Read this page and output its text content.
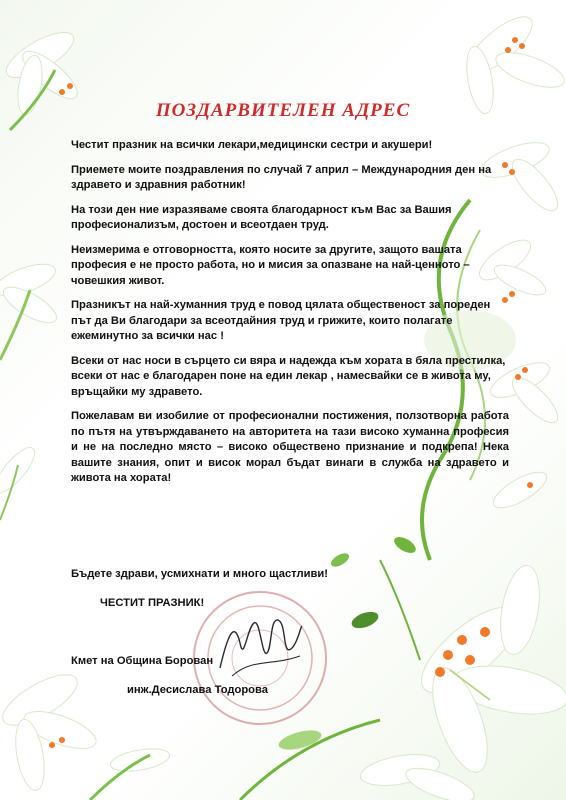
ПОЗДАРВИТЕЛЕН АДРЕС

Честит празник на всички лекари,медицински сестри и акушери!

Приемете моите поздравления по случай 7 април – Международния ден на здравето и здравния работник!

На този ден ние изразяваме своята благодарност към Вас за Вашия професионализъм, достоен и всеотдаен труд.

Неизмерима е отговорността, която носите за другите, защото вашата професия е не просто работа, но и мисия за опазване на най-ценното – човешкия живот.

Празникът на най-хуманния труд е повод цялата общественост за пореден път да Ви благодари за всеотдайния труд и грижите, които полагате ежеминутно за всички нас !

Всеки от нас носи в сърцето си вяра и надежда към хората в бяла престилка, всеки от нас е благодарен поне на един лекар , намесвайки се в живота му, връщайки му здравето.

Пожелавам ви изобилие от професионални постижения, ползотворна работа по пътя на утвърждаването на авторитета на тази високо хуманна професия и не на последно място – високо обществено признание и подкрепа! Нека вашите знания, опит и висок морал бъдат винаги в служба на здравето и живота на хората!

Бъдете здрави, усмихнати и много щастливи!
ЧЕСТИТ ПРАЗНИК!
Кмет на Община Борован
инж.Десислава Тодорова
